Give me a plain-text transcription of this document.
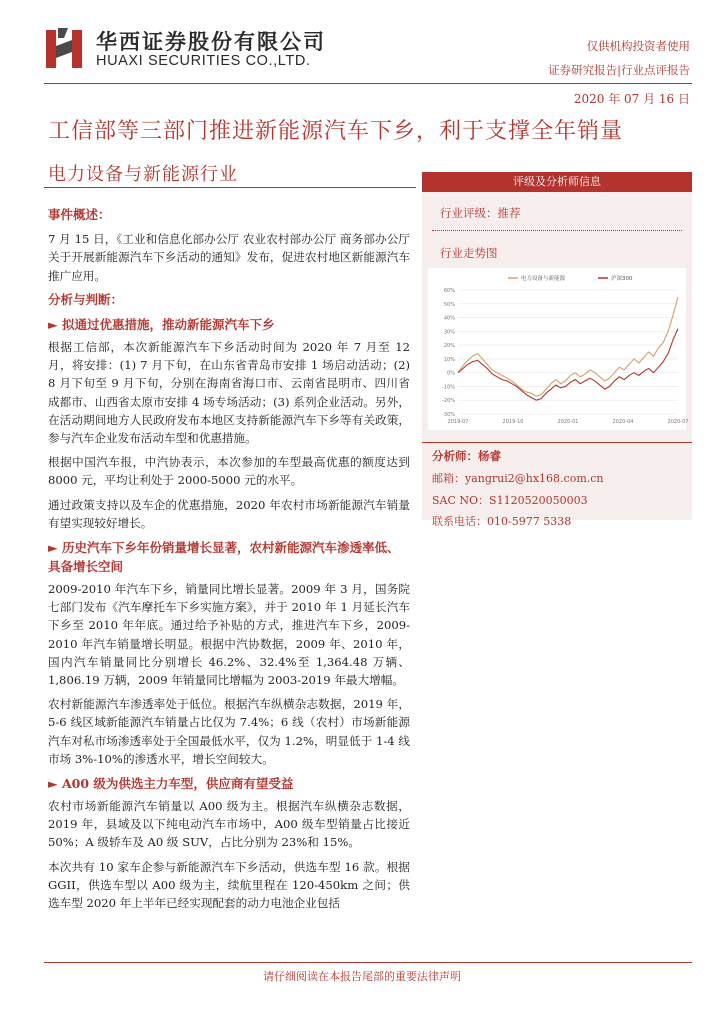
华西证券股份有限公司
HUAXI SECURITIES CO.,LTD.
仅供机构投资者使用
证券研究报告|行业点评报告
2020 年 07 月 16 日
工信部等三部门推进新能源汽车下乡，利于支撑全年销量
电力设备与新能源行业
事件概述：

7 月 15 日，《工业和信息化部办公厅 农业农村部办公厅 商务部办公厅关于开展新能源汽车下乡活动的通知》发布，促进农村地区新能源汽车推广应用。

分析与判断：
► 拟通过优惠措施，推动新能源汽车下乡

根据工信部，本次新能源汽车下乡活动时间为 2020 年 7 月至 12 月，将安排：(1) 7 月下旬，在山东省青岛市安排 1 场启动活动；(2) 8 月下旬至 9 月下旬，分别在海南省海口市、云南省昆明市、四川省成都市、山西省太原市安排 4 场专场活动；(3) 系列企业活动。另外，在活动期间地方人民政府发布本地区支持新能源汽车下乡等有关政策，参与汽车企业发布活动车型和优惠措施。

根据中国汽车报，中汽协表示，本次参加的车型最高优惠的额度达到 8000 元，平均让利处于 2000-5000 元的水平。

通过政策支持以及车企的优惠措施，2020 年农村市场新能源汽车销量有望实现较好增长。

► 历史汽车下乡年份销量增长显著，农村新能源汽车渗透率低、具备增长空间

2009-2010 年汽车下乡，销量同比增长显著。2009 年 3 月，国务院七部门发布《汽车摩托车下乡实施方案》，并于 2010 年 1 月延长汽车下乡至 2010 年年底。通过给予补贴的方式，推进汽车下乡，2009-2010 年汽车销量增长明显。根据中汽协数据，2009 年、2010 年，国内汽车销量同比分别增长 46.2%、32.4%至 1,364.48 万辆、1,806.19 万辆，2009 年销量同比增幅为 2003-2019 年最大增幅。

农村新能源汽车渗透率处于低位。根据汽车纵横杂志数据，2019 年，5-6 线区域新能源汽车销量占比仅为 7.4%；6 线（农村）市场新能源汽车对私市场渗透率处于全国最低水平，仅为 1.2%，明显低于 1-4 线市场 3%-10%的渗透水平，增长空间较大。

► A00 级为供选主力车型，供应商有望受益

农村市场新能源汽车销量以 A00 级为主。根据汽车纵横杂志数据，2019 年，县域及以下纯电动汽车市场中，A00 级车型销量占比接近 50%；A 级轿车及 A0 级 SUV，占比分别为 23%和 15%。

本次共有 10 家车企参与新能源汽车下乡活动，供选车型 16 款。根据 GGII，供选车型以 A00 级为主，续航里程在 120-450km 之间；供选车型 2020 年上半年已经实现配套的动力电池企业包括

评级及分析师信息
行业评级：推荐
行业走势图
-30%
-20%
-10%
0%
10%
20%
30%
40%
50%
60%
2019-07	2019-10	2020-01	2020-04	2020-07
电力设备与新能源	沪深300
分析师：杨睿
邮箱：yangrui2@hx168.com.cn
SAC NO：S1120520050003
联系电话：010-5977 5338
请仔细阅读在本报告尾部的重要法律声明
